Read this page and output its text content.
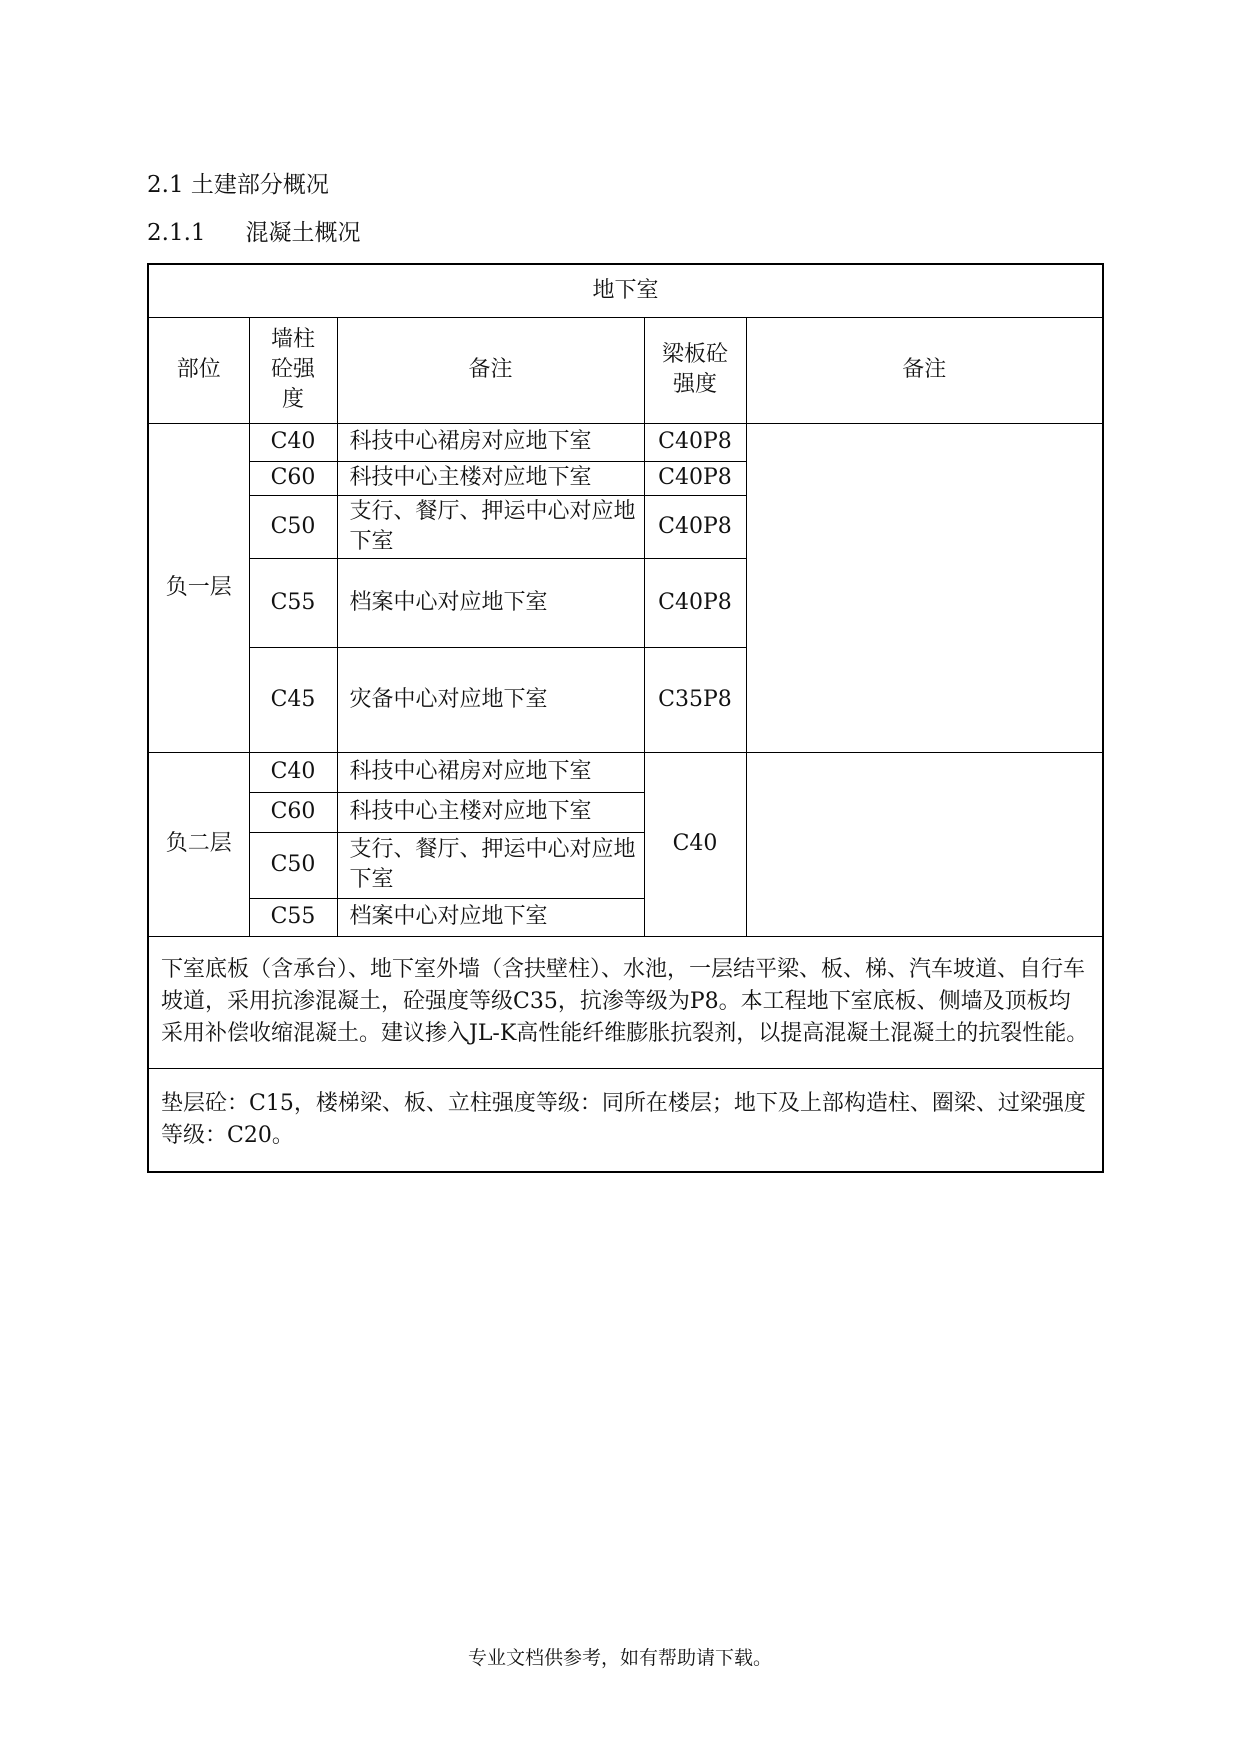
2.1 土建部分概况
2.1.1 混凝土概况
地下室				
部位	墙柱砼强度	备注	梁板砼强度	备注
负一层	C40	科技中心裙房对应地下室	C40P8	
	C60	科技中心主楼对应地下室	C40P8	
	C50	支行、餐厅、押运中心对应地下室	C40P8	
	C55	档案中心对应地下室	C40P8	
	C45	灾备中心对应地下室	C35P8	
负二层	C40	科技中心裙房对应地下室	C40	
	C60	科技中心主楼对应地下室		
	C50	支行、餐厅、押运中心对应地下室		
	C55	档案中心对应地下室		
下室底板（含承台）、地下室外墙（含扶壁柱）、水池，一层结平梁、板、梯、汽车坡道、自行车坡道，采用抗渗混凝土，砼强度等级C35，抗渗等级为P8。本工程地下室底板、侧墙及顶板均采用补偿收缩混凝土。建议掺入JL-K高性能纤维膨胀抗裂剂，以提高混凝土混凝土的抗裂性能。				
垫层砼：C15，楼梯梁、板、立柱强度等级：同所在楼层；地下及上部构造柱、圈梁、过梁强度等级：C20。				
专业文档供参考，如有帮助请下载。
